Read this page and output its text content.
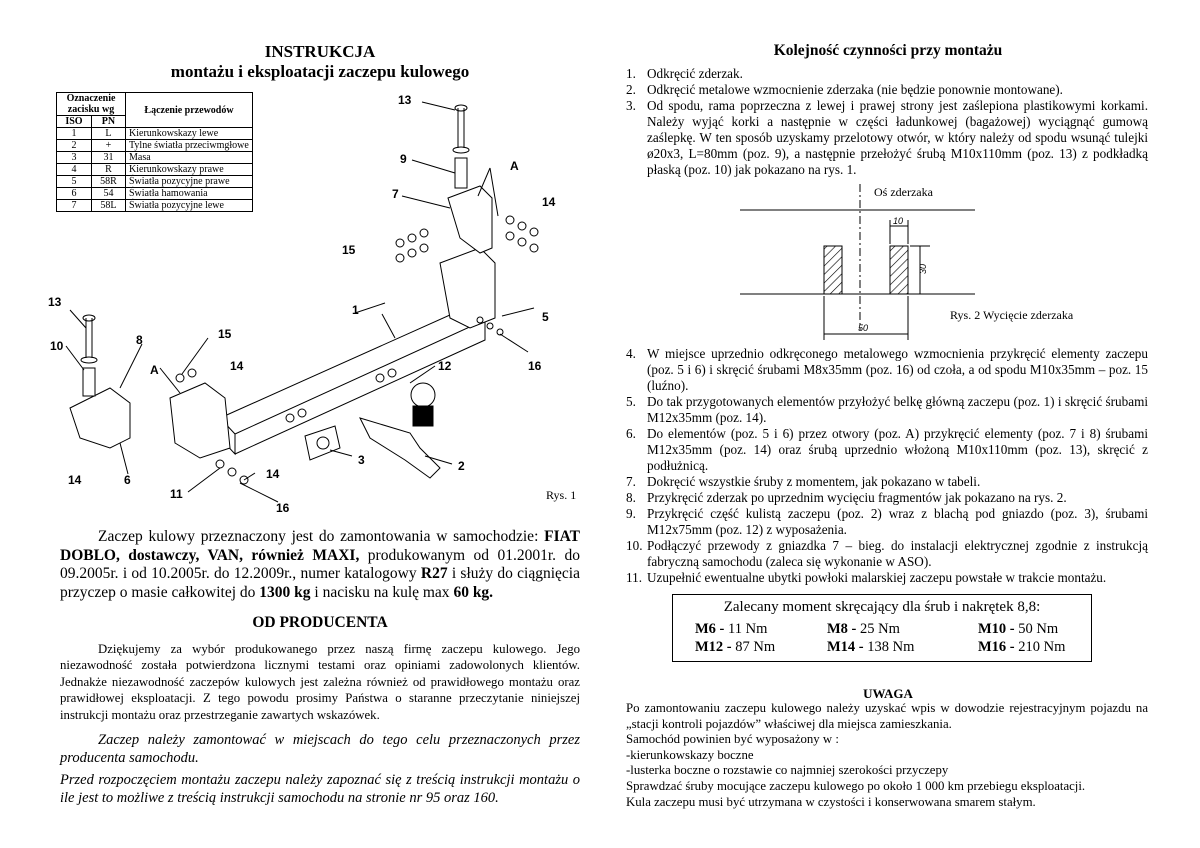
INSTRUKCJA
montażu i eksploatacji zaczepu kulowego
13
9	A
7
14
15
1	5
13
10	8	15
A	14	12	16
3	2
14
6
11
14
16
Oznaczenie zacisku wg		Łączenie przewodów
ISO	PN	
1	L	Kierunkowskazy lewe
2	+	Tylne światła przeciwmgłowe
3	31	Masa
4	R	Kierunkowskazy prawe
5	58R	Światła pozycyjne prawe
6	54	Światła hamowania
7	58L	Światła pozycyjne lewe
Rys. 1
Zaczep kulowy przeznaczony jest do zamontowania w samochodzie: FIAT DOBLO, dostawczy, VAN, również MAXI, produkowanym od 01.2001r. do 09.2005r. i od 10.2005r. do 12.2009r., numer katalogowy R27 i służy do ciągnięcia przyczep o masie całkowitej do 1300 kg i nacisku na kulę max 60 kg.
OD PRODUCENTA
Dziękujemy za wybór produkowanego przez naszą firmę zaczepu kulowego. Jego niezawodność została potwierdzona licznymi testami oraz opiniami zadowolonych klientów. Jednakże niezawodność zaczepów kulowych jest zależna również od prawidłowego montażu oraz prawidłowej eksploatacji. Z tego powodu prosimy Państwa o staranne przeczytanie niniejszej instrukcji montażu oraz przestrzeganie zawartych wskazówek.
Zaczep należy zamontować w miejscach do tego celu przeznaczonych przez producenta samochodu.
Przed rozpoczęciem montażu zaczepu należy zapoznać się z treścią instrukcji montażu o ile jest to możliwe z treścią instrukcji samochodu na stronie nr 95 oraz 160.
Kolejność czynności przy montażu
1. Odkręcić zderzak.
2. Odkręcić metalowe wzmocnienie zderzaka (nie będzie ponownie montowane).
3. Od spodu, rama poprzeczna z lewej i prawej strony jest zaślepiona plastikowymi korkami. Należy wyjąć korki a następnie w części ładunkowej (bagażowej) wyciągnąć gumową zaślepkę. W ten sposób uzyskamy przelotowy otwór, w który należy od spodu wsunąć tulejki ø20x3, L=80mm (poz. 9), a następnie przełożyć śrubą M10x110mm (poz. 13) z podkładką płaską (poz. 10) jak pokazano na rys. 1.
Oś zderzaka
10
30
50
Rys. 2 Wycięcie zderzaka
4. W miejsce uprzednio odkręconego metalowego wzmocnienia przykręcić elementy zaczepu (poz. 5 i 6) i skręcić śrubami M8x35mm (poz. 16) od czoła, a od spodu M10x35mm – poz. 15 (luźno).
5. Do tak przygotowanych elementów przyłożyć belkę główną zaczepu (poz. 1) i skręcić śrubami M12x35mm (poz. 14).
6. Do elementów (poz. 5 i 6) przez otwory (poz. A) przykręcić elementy (poz. 7 i 8) śrubami M12x35mm (poz. 14) oraz śrubą uprzednio włożoną M10x110mm (poz. 13), skręcić z podłużnicą.
7. Dokręcić wszystkie śruby z momentem, jak pokazano w tabeli.
8. Przykręcić zderzak po uprzednim wycięciu fragmentów jak pokazano na rys. 2.
9. Przykręcić część kulistą zaczepu (poz. 2) wraz z blachą pod gniazdo (poz. 3), śrubami M12x75mm (poz. 12) z wyposażenia.
10. Podłączyć przewody z gniazdka 7 – bieg. do instalacji elektrycznej zgodnie z instrukcją fabryczną samochodu (zaleca się wykonanie w ASO).
11. Uzupełnić ewentualne ubytki powłoki malarskiej zaczepu powstałe w trakcie montażu.
Zalecany moment skręcający dla śrub i nakrętek 8,8:
M6 - 11 Nm	M8 - 25 Nm	M10 - 50 Nm
M12 - 87 Nm	M14 - 138 Nm	M16 - 210 Nm
UWAGA
Po zamontowaniu zaczepu kulowego należy uzyskać wpis w dowodzie rejestracyjnym pojazdu na „stacji kontroli pojazdów” właściwej dla miejsca zamieszkania.
Samochód powinien być wyposażony w :
-kierunkowskazy boczne
-lusterka boczne o rozstawie co najmniej szerokości przyczepy
Sprawdzać śruby mocujące zaczepu kulowego po około 1 000 km przebiegu eksploatacji.
Kula zaczepu musi być utrzymana w czystości i konserwowana smarem stałym.
